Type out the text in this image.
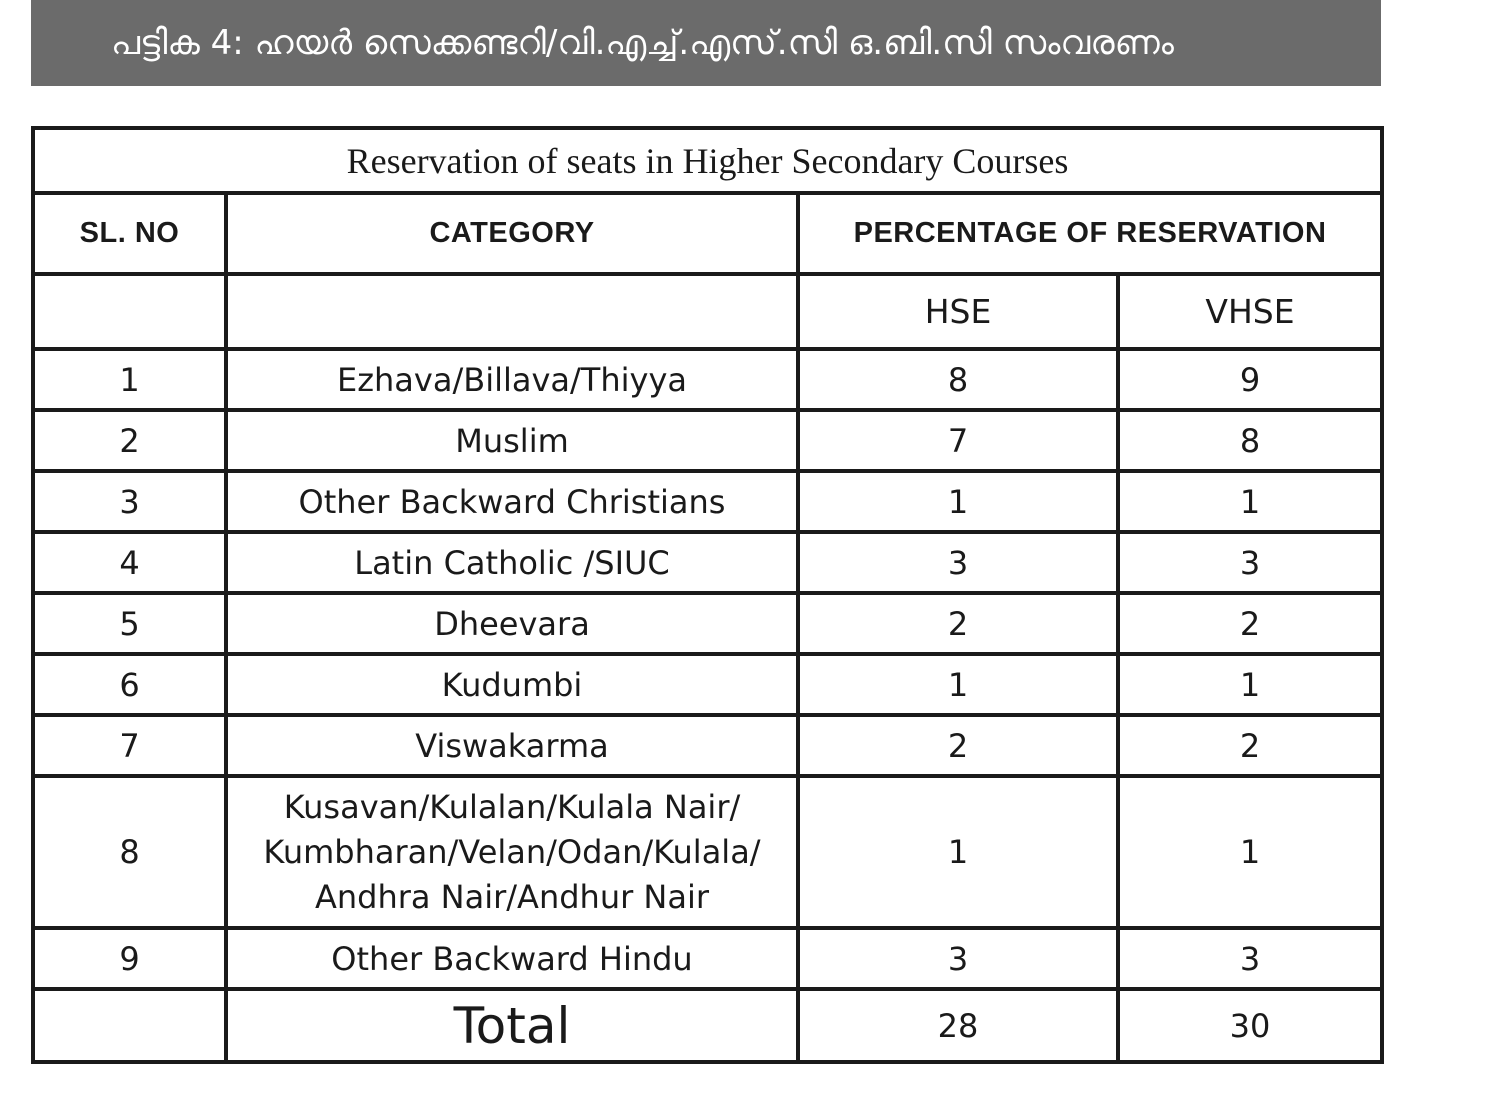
പട്ടിക 4: ഹയർ സെക്കണ്ടറി/വി.എച്ച്.എസ്.സി ഒ.ബി.സി സംവരണം
Reservation of seats in Higher Secondary Courses			
SL. NO	CATEGORY	PERCENTAGE OF RESERVATION	
		HSE	VHSE
1	Ezhava/Billava/Thiyya	8	9
2	Muslim	7	8
3	Other Backward Christians	1	1
4	Latin Catholic /SIUC	3	3
5	Dheevara	2	2
6	Kudumbi	1	1
7	Viswakarma	2	2
8	Kusavan/Kulalan/Kulala Nair/
Kumbharan/Velan/Odan/Kulala/
Andhra Nair/Andhur Nair	1	1
9	Other Backward Hindu	3	3
	Total	28	30
